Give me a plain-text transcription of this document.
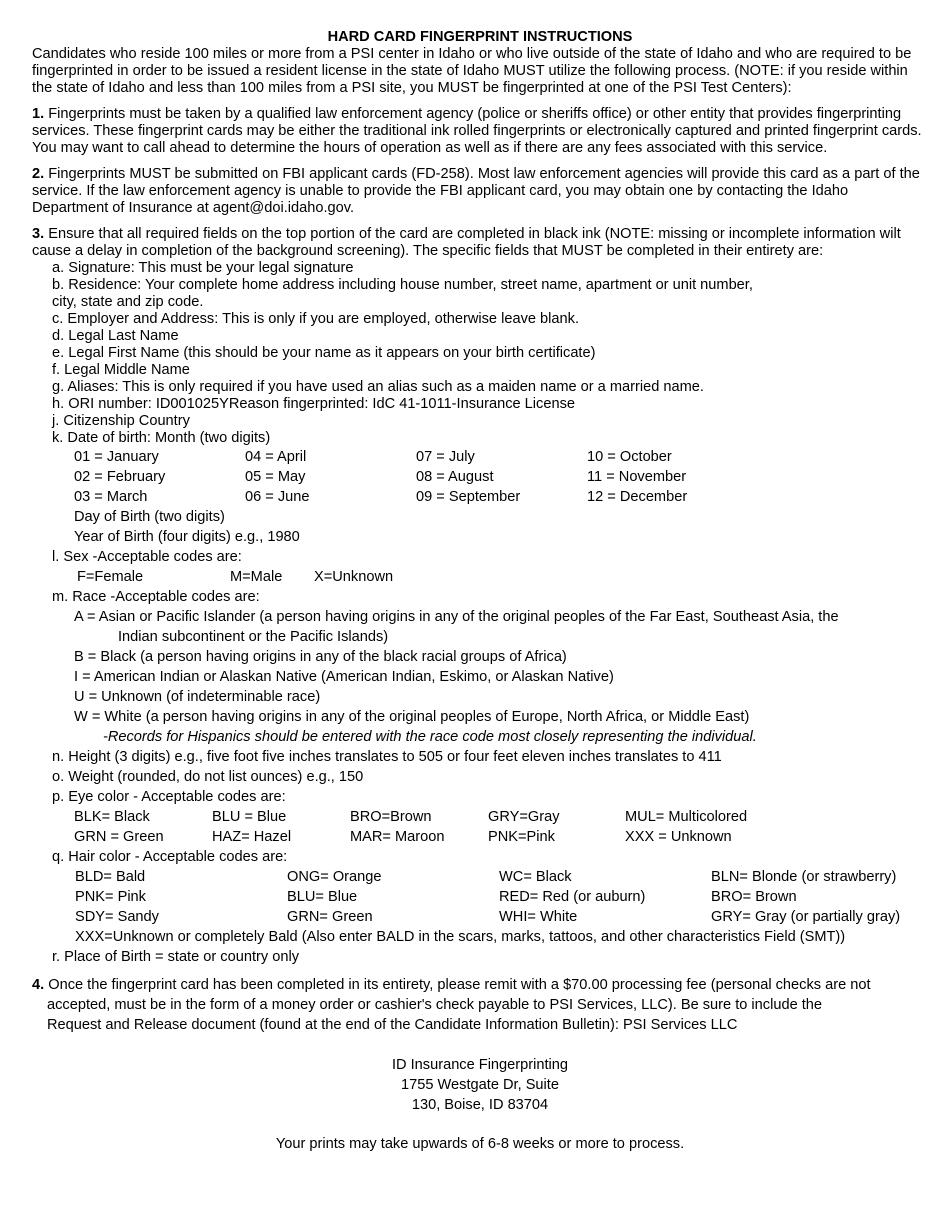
HARD CARD FINGERPRINT INSTRUCTIONS

Candidates who reside 100 miles or more from a PSI center in Idaho or who live outside of the state of Idaho and who are required to be fingerprinted in order to be issued a resident license in the state of Idaho MUST utilize the following process. (NOTE: if you reside within the state of Idaho and less than 100 miles from a PSI site, you MUST be fingerprinted at one of the PSI Test Centers):

1. Fingerprints must be taken by a qualified law enforcement agency (police or sheriffs office) or other entity that provides fingerprinting services. These fingerprint cards may be either the traditional ink rolled fingerprints or electronically captured and printed fingerprint cards. You may want to call ahead to determine the hours of operation as well as if there are any fees associated with this service.

2. Fingerprints MUST be submitted on FBI applicant cards (FD-258). Most law enforcement agencies will provide this card as a part of the service. If the law enforcement agency is unable to provide the FBI applicant card, you may obtain one by contacting the Idaho Department of Insurance at agent@doi.idaho.gov.

3. Ensure that all required fields on the top portion of the card are completed in black ink (NOTE: missing or incomplete information wilt cause a delay in completion of the background screening). The specific fields that MUST be completed in their entirety are:

a. Signature: This must be your legal signature
b. Residence: Your complete home address including house number, street name, apartment or unit number,
city, state and zip code.
c. Employer and Address: This is only if you are employed, otherwise leave blank.
d. Legal Last Name
e. Legal First Name (this should be your name as it appears on your birth certificate)
f. Legal Middle Name
g. Aliases: This is only required if you have used an alias such as a maiden name or a married name.
h. ORI number: ID001025YReason fingerprinted: IdC 41-1011-Insurance License
j. Citizenship Country
k. Date of birth: Month (two digits)
01 = January	04 = April	07 = July	10 = October
02 = February	05 = May	08 = August	11 = November
03 = March	06 = June	09 = September	12 = December
Day of Birth (two digits)
Year of Birth (four digits) e.g., 1980
l. Sex -Acceptable codes are:
F=Female	M=Male X=Unknown
m. Race -Acceptable codes are:
A = Asian or Pacific Islander (a person having origins in any of the original peoples of the Far East, Southeast Asia, the
Indian subcontinent or the Pacific Islands)
B = Black (a person having origins in any of the black racial groups of Africa)
I = American Indian or Alaskan Native (American Indian, Eskimo, or Alaskan Native)
U = Unknown (of indeterminable race)
W = White (a person having origins in any of the original peoples of Europe, North Africa, or Middle East)
-Records for Hispanics should be entered with the race code most closely representing the individual.
n. Height (3 digits) e.g., five foot five inches translates to 505 or four feet eleven inches translates to 411
o. Weight (rounded, do not list ounces) e.g., 150
p. Eye color - Acceptable codes are:
BLK= Black	BLU = Blue	BRO=Brown	GRY=Gray	MUL= Multicolored
GRN = Green	HAZ= Hazel	MAR= Maroon	PNK=Pink	XXX = Unknown
q. Hair color - Acceptable codes are:
BLD= Bald	ONG= Orange	WC= Black	BLN= Blonde (or strawberry)
PNK= Pink	BLU= Blue	RED= Red (or auburn)	BRO= Brown
SDY= Sandy	GRN= Green	WHI= White	GRY= Gray (or partially gray)
XXX=Unknown or completely Bald (Also enter BALD in the scars, marks, tattoos, and other characteristics Field (SMT))
r. Place of Birth = state or country only
4. Once the fingerprint card has been completed in its entirety, please remit with a $70.00 processing fee (personal checks are not
accepted, must be in the form of a money order or cashier's check payable to PSI Services, LLC). Be sure to include the
Request and Release document (found at the end of the Candidate Information Bulletin): PSI Services LLC
ID Insurance Fingerprinting
1755 Westgate Dr, Suite
130, Boise, ID 83704
Your prints may take upwards of 6-8 weeks or more to process.
